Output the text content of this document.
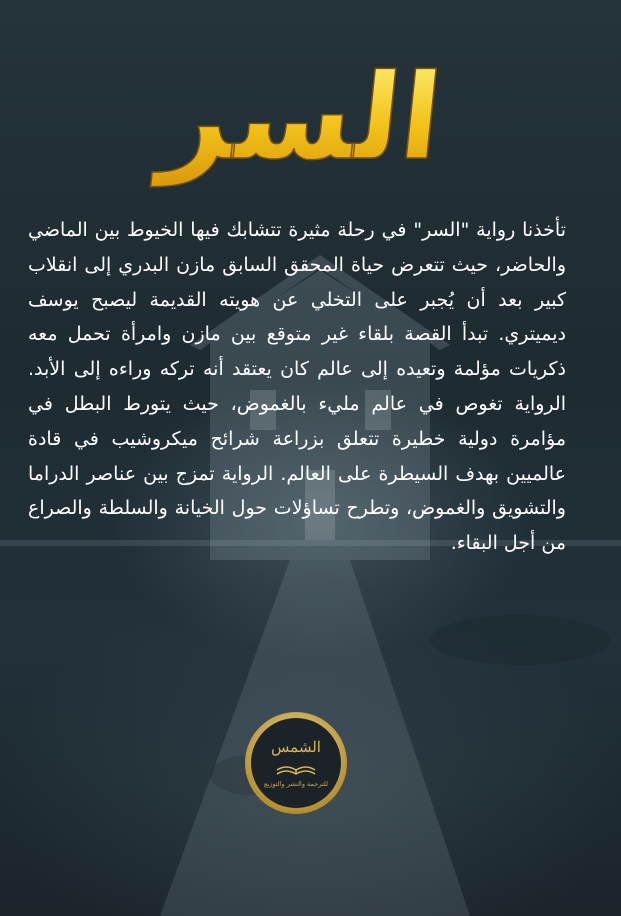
السر
تأخذنا رواية "السر" في رحلة مثيرة تتشابك فيها الخيوط بين الماضي والحاضر، حيث تتعرض حياة المحقق السابق مازن البدري إلى انقلاب كبير بعد أن يُجبر على التخلي عن هويته القديمة ليصبح يوسف ديميتري. تبدأ القصة بلقاء غير متوقع بين مازن وامرأة تحمل معه ذكريات مؤلمة وتعيده إلى عالم كان يعتقد أنه تركه وراءه إلى الأبد. الرواية تغوص في عالم مليء بالغموض، حيث يتورط البطل في مؤامرة دولية خطيرة تتعلق بزراعة شرائح ميكروشيب في قادة عالميين بهدف السيطرة على العالم. الرواية تمزج بين عناصر الدراما والتشويق والغموض، وتطرح تساؤلات حول الخيانة والسلطة والصراع من أجل البقاء.
الشمس
للترجمة والنشر والتوزيع
